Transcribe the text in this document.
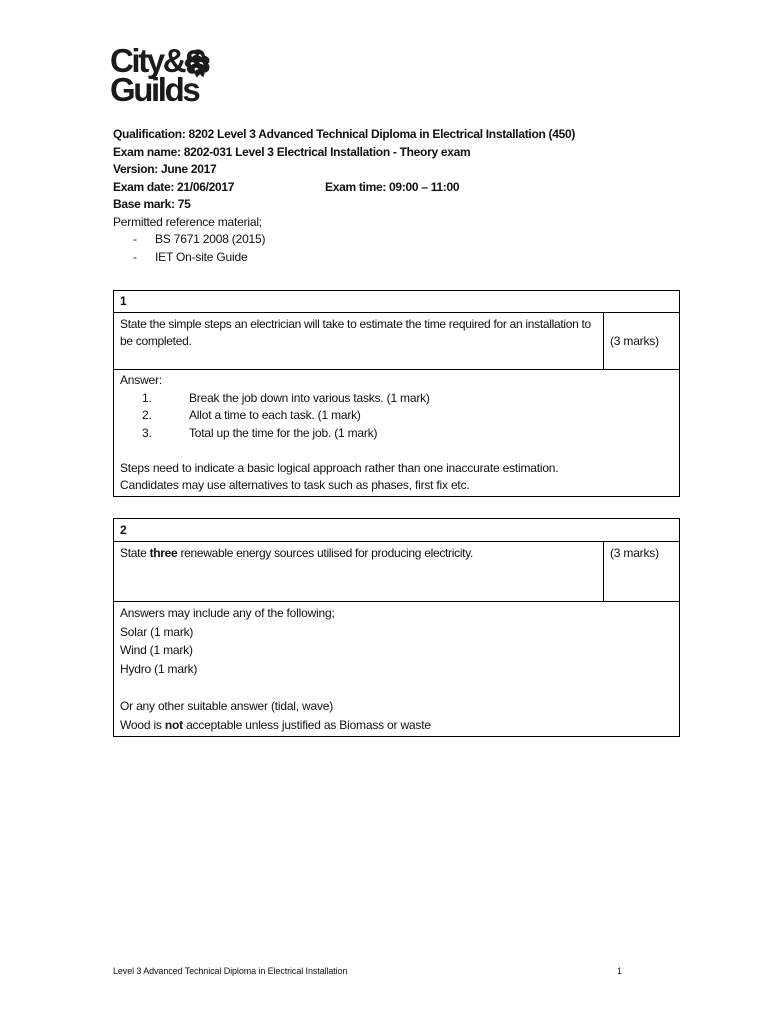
City&
Guilds
Qualification: 8202 Level 3 Advanced Technical Diploma in Electrical Installation (450)
Exam name: 8202-031 Level 3 Electrical Installation - Theory exam
Version: June 2017
Exam date: 21/06/2017	Exam time: 09:00 – 11:00
Base mark: 75
Permitted reference material;
- BS 7671 2008 (2015)
- IET On-site Guide
1
State the simple steps an electrician will take to estimate the time required for an installation to be completed.	(3 marks)
Answer:
1.	Break the job down into various tasks. (1 mark)
2.	Allot a time to each task. (1 mark)
3.	Total up the time for the job. (1 mark)
Steps need to indicate a basic logical approach rather than one inaccurate estimation.
Candidates may use alternatives to task such as phases, first fix etc.
2
State three renewable energy sources utilised for producing electricity.	(3 marks)
Answers may include any of the following;
Solar (1 mark)
Wind (1 mark)
Hydro (1 mark)
Or any other suitable answer (tidal, wave)
Wood is not acceptable unless justified as Biomass or waste
Level 3 Advanced Technical Diploma in Electrical Installation	1
